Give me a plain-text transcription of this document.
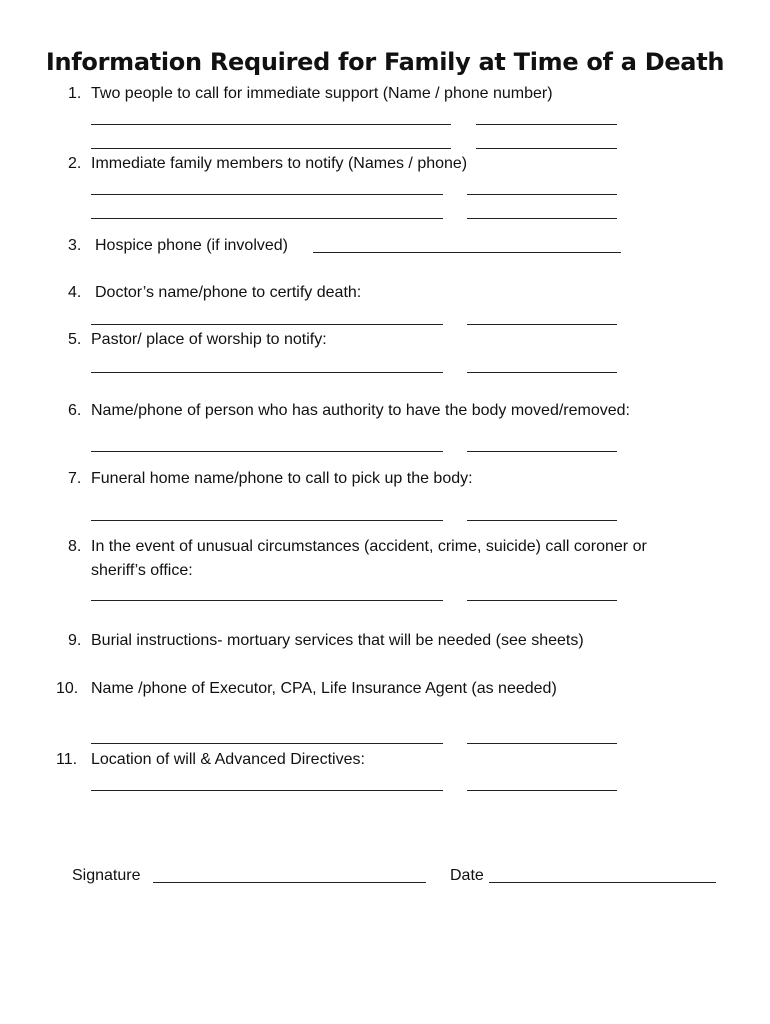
Information Required for Family at Time of a Death
1. Two people to call for immediate support (Name / phone number)
2. Immediate family members to notify (Names / phone)
3. Hospice phone (if involved)
4. Doctor’s name/phone to certify death:
5. Pastor/ place of worship to notify:
6. Name/phone of person who has authority to have the body moved/removed:
7. Funeral home name/phone to call to pick up the body:
8. In the event of unusual circumstances (accident, crime, suicide) call coroner or
sheriff’s office:
9. Burial instructions- mortuary services that will be needed (see sheets)
10. Name /phone of Executor, CPA, Life Insurance Agent (as needed)
11. Location of will & Advanced Directives:
Signature	Date
